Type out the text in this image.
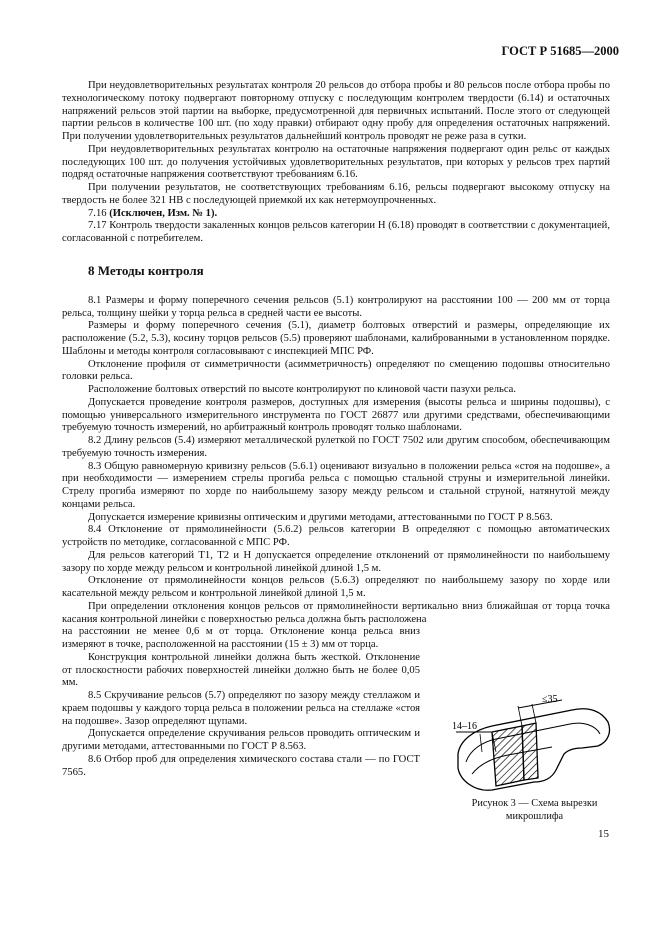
ГОСТ Р 51685—2000

При неудовлетворительных результатах контроля 20 рельсов до отбора пробы и 80 рельсов после отбора пробы по технологическому потоку подвергают повторному отпуску с последующим контролем твердости (6.14) и остаточных напряжений рельсов этой партии на выборке, предусмотренной для первичных испытаний. После этого от следующей партии рельсов в количестве 100 шт. (по ходу правки) отбирают одну пробу для определения остаточных напряжений. При получении удовлетворительных результатов дальнейший контроль проводят не реже раза в сутки.

При неудовлетворительных результатах контролю на остаточные напряжения подвергают один рельс от каждых последующих 100 шт. до получения устойчивых удовлетворительных результатов, при которых у рельсов трех партий подряд остаточные напряжения соответствуют требованиям 6.16.

При получении результатов, не соответствующих требованиям 6.16, рельсы подвергают высокому отпуску на твердость не более 321 НВ с последующей приемкой их как нетермоупрочненных.

7.16 (Исключен, Изм. № 1).

7.17 Контроль твердости закаленных концов рельсов категории Н (6.18) проводят в соответствии с документацией, согласованной с потребителем.

8 Методы контроля

8.1 Размеры и форму поперечного сечения рельсов (5.1) контролируют на расстоянии 100 — 200 мм от торца рельса, толщину шейки у торца рельса в средней части ее высоты.

Размеры и форму поперечного сечения (5.1), диаметр болтовых отверстий и размеры, определяющие их расположение (5.2, 5.3), косину торцов рельсов (5.5) проверяют шаблонами, калиброванными в установленном порядке. Шаблоны и методы контроля согласовывают с инспекцией МПС РФ.

Отклонение профиля от симметричности (асимметричность) определяют по смещению подошвы относительно головки рельса.

Расположение болтовых отверстий по высоте контролируют по клиновой части пазухи рельса.

Допускается проведение контроля размеров, доступных для измерения (высоты рельса и ширины подошвы), с помощью универсального измерительного инструмента по ГОСТ 26877 или другими средствами, обеспечивающими требуемую точность измерений, но арбитражный контроль проводят только шаблонами.

8.2 Длину рельсов (5.4) измеряют металлической рулеткой по ГОСТ 7502 или другим способом, обеспечивающим требуемую точность измерения.

8.3 Общую равномерную кривизну рельсов (5.6.1) оценивают визуально в положении рельса «стоя на подошве», а при необходимости — измерением стрелы прогиба рельса с помощью стальной струны и измерительной линейки. Стрелу прогиба измеряют по хорде по наибольшему зазору между рельсом и стальной струной, натянутой между концами рельса.

Допускается измерение кривизны оптическим и другими методами, аттестованными по ГОСТ Р 8.563.

8.4 Отклонение от прямолинейности (5.6.2) рельсов категории В определяют с помощью автоматических устройств по методике, согласованной с МПС РФ.

Для рельсов категорий Т1, Т2 и Н допускается определение отклонений от прямолинейности по наибольшему зазору по хорде между рельсом и контрольной линейкой длиной 1,5 м.

Отклонение от прямолинейности концов рельсов (5.6.3) определяют по наибольшему зазору по хорде или касательной между рельсом и контрольной линейкой длиной 1,5 м.

При определении отклонения концов рельсов от прямолинейности вертикально вниз ближайшая от торца точка касания контрольной линейки с поверхностью рельса должна быть расположена

на расстоянии не менее 0,6 м от торца. Отклонение конца рельса вниз измеряют в точке, расположенной на расстоянии (15 ± 3) мм от торца.

Конструкция контрольной линейки должна быть жесткой. Отклонение от плоскостности рабочих поверхностей линейки должно быть не более 0,05 мм.

8.5 Скручивание рельсов (5.7) определяют по зазору между стеллажом и краем подошвы у каждого торца рельса в положении рельса на стеллаже «стоя на подошве». Зазор определяют щупами.

Допускается определение скручивания рельсов проводить оптическим и другими методами, аттестованными по ГОСТ Р 8.563.

8.6 Отбор проб для определения химического состава стали — по ГОСТ 7565.

≤35
14–16
Рисунок 3 — Схема вырезки микрошлифа
15
